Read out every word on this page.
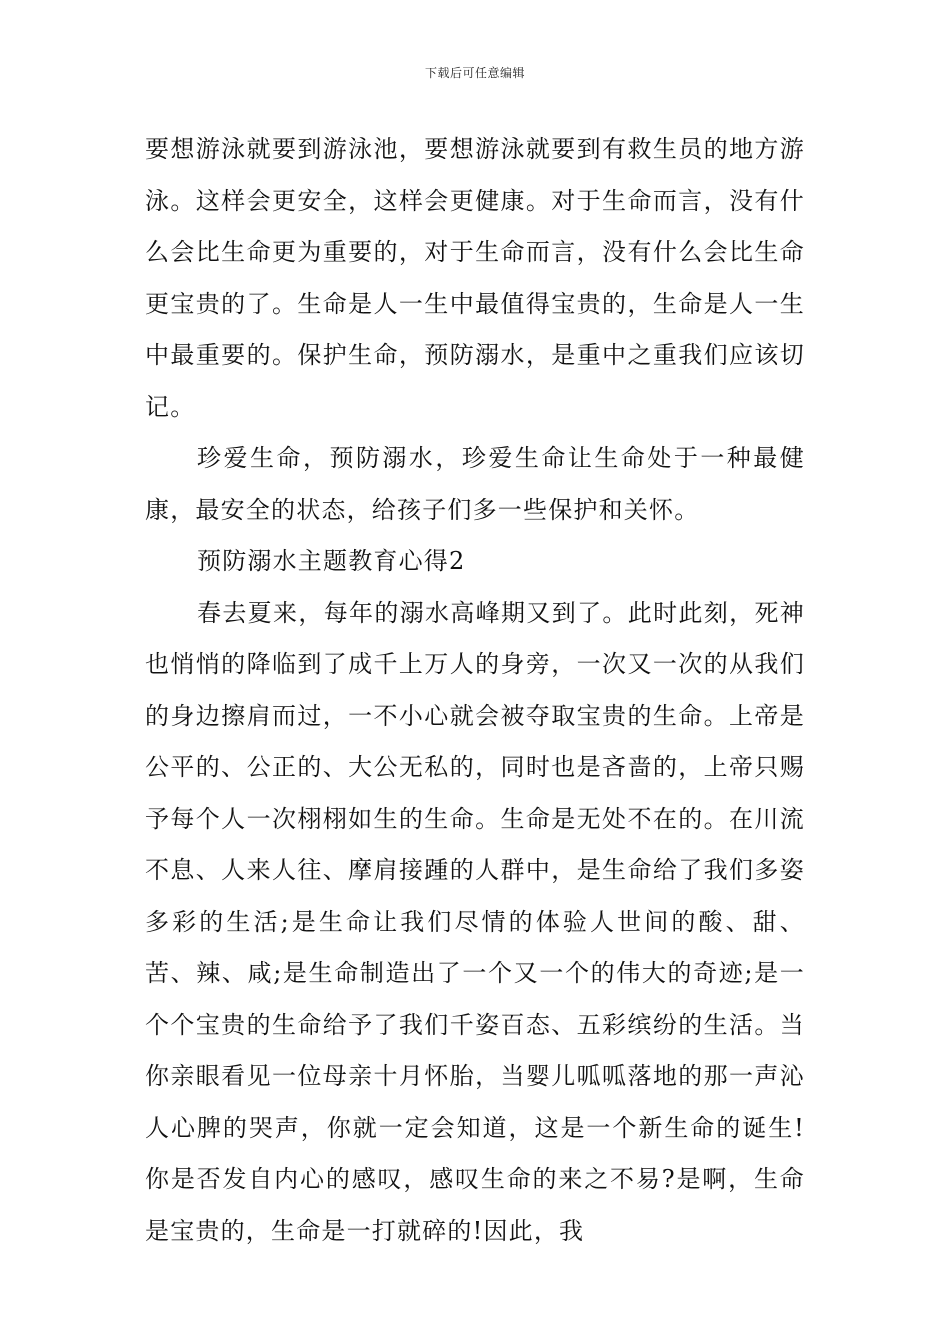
下载后可任意编辑

要想游泳就要到游泳池，要想游泳就要到有救生员的地方游泳。这样会更安全，这样会更健康。对于生命而言，没有什么会比生命更为重要的，对于生命而言，没有什么会比生命更宝贵的了。生命是人一生中最值得宝贵的，生命是人一生中最重要的。保护生命，预防溺水，是重中之重我们应该切记。

珍爱生命，预防溺水，珍爱生命让生命处于一种最健康，最安全的状态，给孩子们多一些保护和关怀。

预防溺水主题教育心得2

春去夏来，每年的溺水高峰期又到了。此时此刻，死神也悄悄的降临到了成千上万人的身旁，一次又一次的从我们的身边擦肩而过，一不小心就会被夺取宝贵的生命。上帝是公平的、公正的、大公无私的，同时也是吝啬的，上帝只赐予每个人一次栩栩如生的生命。生命是无处不在的。在川流不息、人来人往、摩肩接踵的人群中，是生命给了我们多姿多彩的生活;是生命让我们尽情的体验人世间的酸、甜、苦、辣、咸;是生命制造出了一个又一个的伟大的奇迹;是一个个宝贵的生命给予了我们千姿百态、五彩缤纷的生活。当你亲眼看见一位母亲十月怀胎，当婴儿呱呱落地的那一声沁人心脾的哭声，你就一定会知道，这是一个新生命的诞生!你是否发自内心的感叹，感叹生命的来之不易?是啊，生命是宝贵的，生命是一打就碎的!因此，我
